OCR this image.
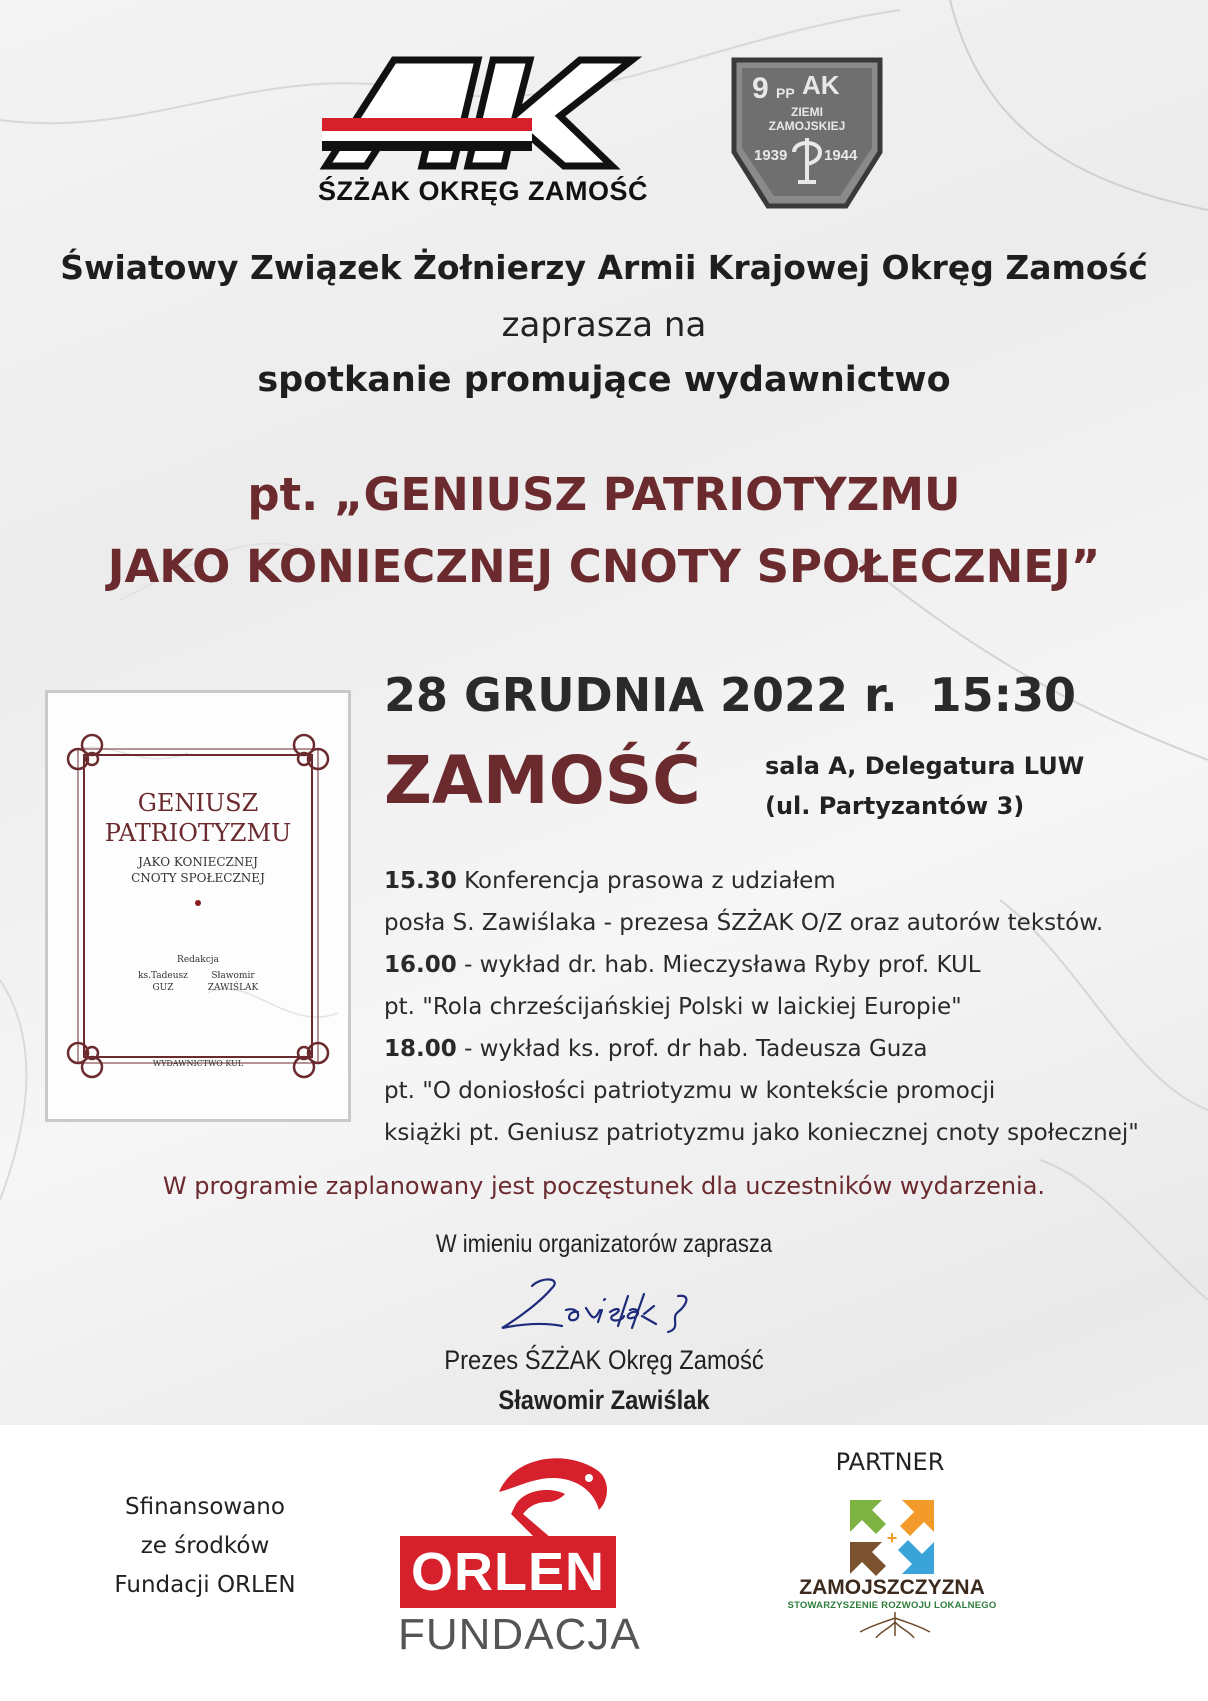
ŚZŻAK OKRĘG ZAMOŚĆ
9 PP AK
ZIEMI
ZAMOJSKIEJ
1939 1944
Światowy Związek Żołnierzy Armii Krajowej Okręg Zamość
zaprasza na
spotkanie promujące wydawnictwo
pt. „GENIUSZ PATRIOTYZMU
JAKO KONIECZNEJ CNOTY SPOŁECZNEJ”
GENIUSZ
PATRIOTYZMU
JAKO KONIECZNEJ
CNOTY SPOŁECZNEJ
Redakcja
ks.Tadeusz
GUZ
Sławomir
ZAWIŚLAK
WYDAWNICTWO KUL
28 GRUDNIA 2022 r.  15:30
ZAMOŚĆ	sala A, Delegatura LUW
(ul. Partyzantów 3)
15.30 Konferencja prasowa z udziałem
posła S. Zawiślaka - prezesa ŚZŻAK O/Z oraz autorów tekstów.
16.00 - wykład dr. hab. Mieczysława Ryby prof. KUL
pt. "Rola chrześcijańskiej Polski w laickiej Europie"
18.00 - wykład ks. prof. dr hab. Tadeusza Guza
pt. "O doniosłości patriotyzmu w kontekście promocji
książki pt. Geniusz patriotyzmu jako koniecznej cnoty społecznej"
W programie zaplanowany jest poczęstunek dla uczestników wydarzenia.
W imieniu organizatorów zaprasza
Prezes ŚZŻAK Okręg Zamość
Sławomir Zawiślak
Sfinansowano
ze środków
Fundacji ORLEN ORLEN
FUNDACJA
PARTNER
+
ZAMOJSZCZYZNA
STOWARZYSZENIE ROZWOJU LOKALNEGO
